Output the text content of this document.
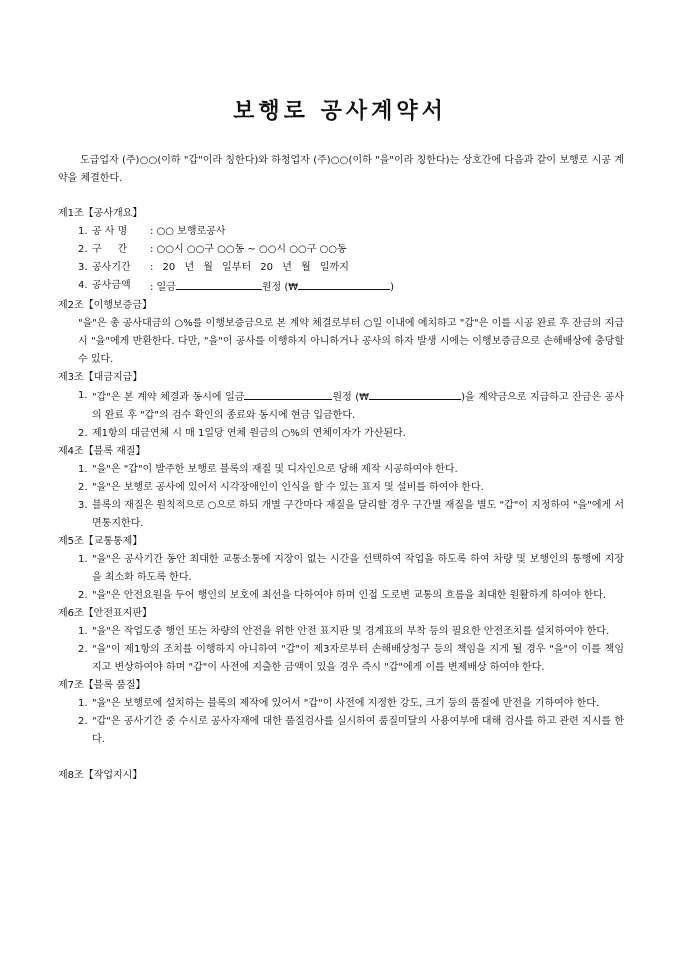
보행로 공사계약서
도급업자 (주)○○(이하 "갑"이라 칭한다)와 하청업자 (주)○○(이하 "을"이라 칭한다)는 상호간에 다음과 같이 보행로 시공 계약을 체결한다.
제1조【공사개요】
1. 공 사 명	: ○○ 보행로공사
2. 구     간	: ○○시 ○○구 ○○동 ~ ○○시 ○○구 ○○동
3. 공사기간	: 20 년 월 일부터 20 년 월 일까지
4. 공사금액	: 일금	원정 (₩	)
제2조【이행보증금】
"을"은 총 공사대금의 ○%를 이행보증금으로 본 계약 체결로부터 ○일 이내에 예치하고 "갑"은 이를 시공 완료 후 잔금의 지급 시 "을"에게 반환한다. 다만, "을"이 공사를 이행하지 아니하거나 공사의 하자 발생 시에는 이행보증금으로 손해배상에 충당할 수 있다.
제3조【대금지급】
1. "갑"은 본 계약 체결과 동시에 일금	원정 (₩	)을 계약금으로 지급하고 잔금은 공사의 완료 후 "갑"의 검수 확인의 종료와 동시에 현금 입금한다.
2. 제1항의 대금연체 시 매 1일당 연체 원금의 ○%의 연체이자가 가산된다.
제4조【블록 재질】
1. "을"은 "갑"이 발주한 보행로 블록의 재질 및 디자인으로 당해 제작 시공하여야 한다.
2. "을"은 보행로 공사에 있어서 시각장애인이 인식을 할 수 있는 표지 및 설비를 하여야 한다.
3. 블록의 재질은 원칙적으로 ○으로 하되 개별 구간마다 재질을 달리할 경우 구간별 재질을 별도 "갑"이 지정하여 "을"에게 서면통지한다.
제5조【교통통제】
1. "을"은 공사기간 동안 최대한 교통소통에 지장이 없는 시간을 선택하여 작업을 하도록 하여 차량 및 보행인의 통행에 지장을 최소화 하도록 한다.
2. "을"은 안전요원을 두어 행인의 보호에 최선을 다하여야 하며 인접 도로변 교통의 흐름을 최대한 원활하게 하여야 한다.
제6조【안전표지판】
1. "을"은 작업도중 행인 또는 차량의 안전을 위한 안전 표지판 및 경계표의 부착 등의 필요한 안전조치를 설치하여야 한다.
2. "을"이 제1항의 조치를 이행하지 아니하여 "갑"이 제3자로부터 손해배상청구 등의 책임을 지게 될 경우 "을"이 이를 책임지고 변상하여야 하며 "갑"이 사전에 지출한 금액이 있을 경우 즉시 "갑"에게 이를 변제배상 하여야 한다.
제7조【블록 품질】
1. "을"은 보행로에 설치하는 블록의 제작에 있어서 "갑"이 사전에 지정한 강도, 크기 등의 품질에 만전을 기하여야 한다.
2. "갑"은 공사기간 중 수시로 공사자재에 대한 품질검사를 실시하여 품질미달의 사용여부에 대해 검사를 하고 관련 지시를 한다.
제8조【작업지시】
